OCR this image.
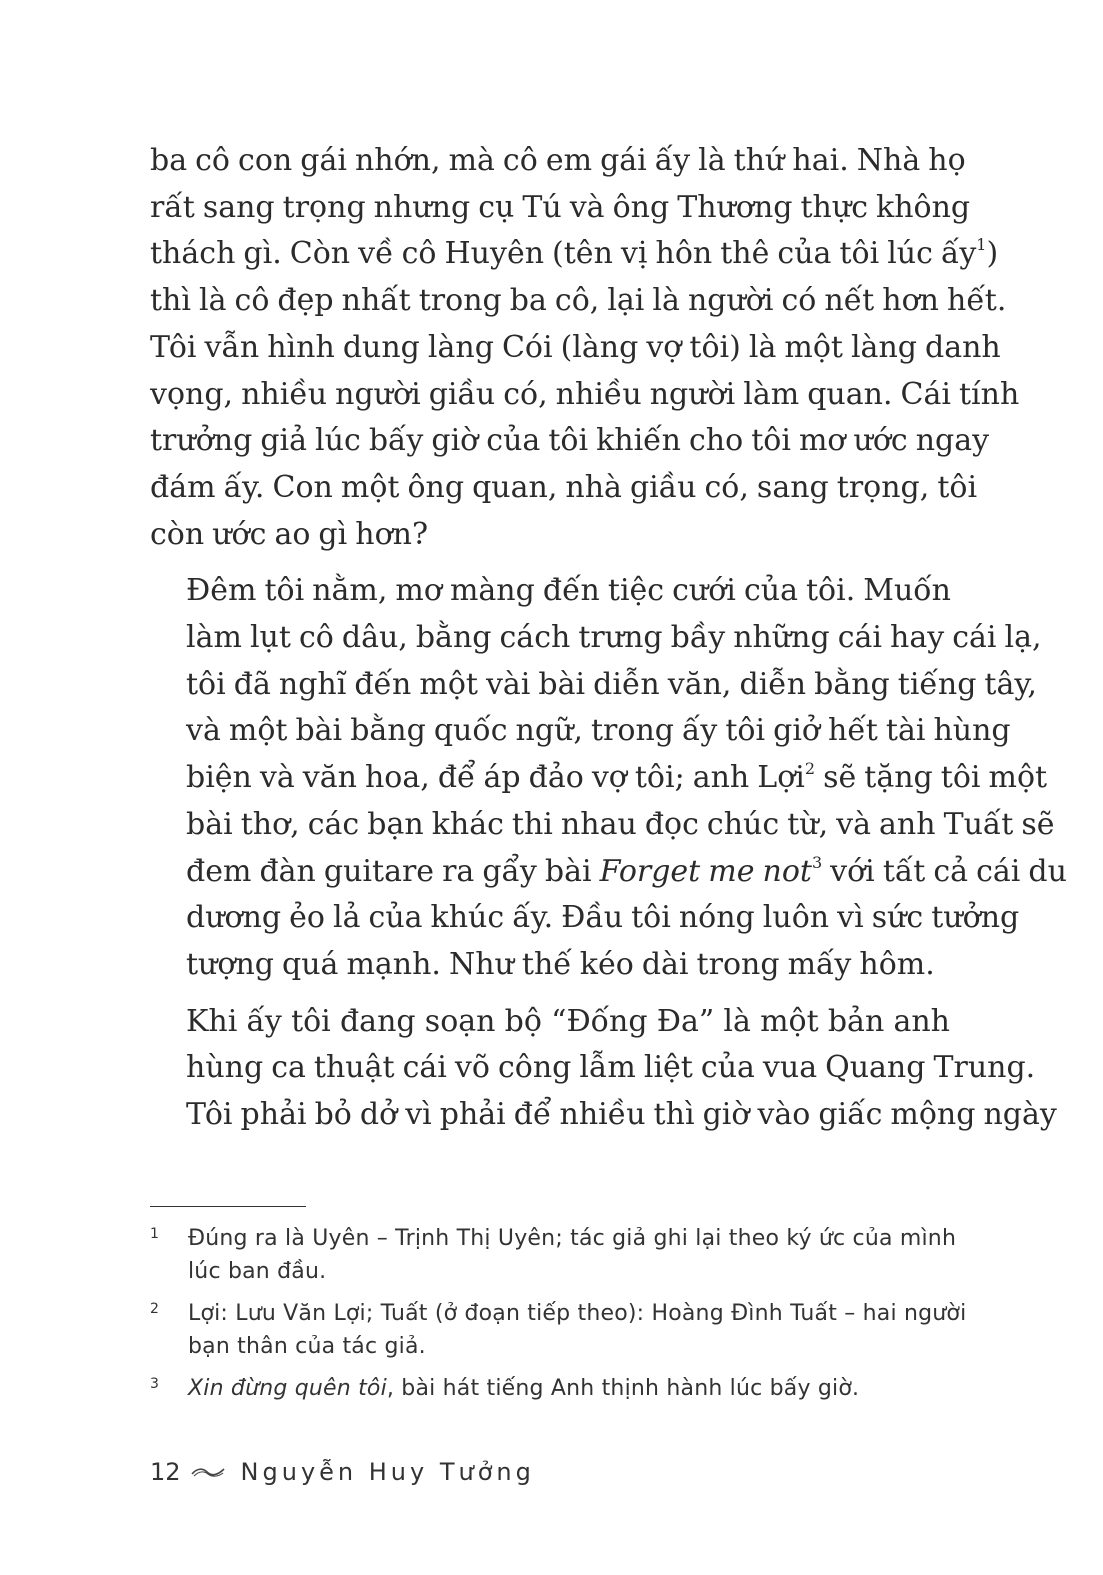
ba cô con gái nhớn, mà cô em gái ấy là thứ hai. Nhà họ
rất sang trọng nhưng cụ Tú và ông Thương thực không
thách gì. Còn về cô Huyên (tên vị hôn thê của tôi lúc ấy$^1$)
thì là cô đẹp nhất trong ba cô, lại là người có nết hơn hết.
Tôi vẫn hình dung làng Cói (làng vợ tôi) là một làng danh
vọng, nhiều người giầu có, nhiều người làm quan. Cái tính
trưởng giả lúc bấy giờ của tôi khiến cho tôi mơ ước ngay
đám ấy. Con một ông quan, nhà giầu có, sang trọng, tôi
còn ước ao gì hơn?

Đêm tôi nằm, mơ màng đến tiệc cưới của tôi. Muốn
làm lụt cô dâu, bằng cách trưng bầy những cái hay cái lạ,
tôi đã nghĩ đến một vài bài diễn văn, diễn bằng tiếng tây,
và một bài bằng quốc ngữ, trong ấy tôi giở hết tài hùng
biện và văn hoa, để áp đảo vợ tôi; anh Lợi$^2$ sẽ tặng tôi một
bài thơ, các bạn khác thi nhau đọc chúc từ, và anh Tuất sẽ
đem đàn guitare ra gẩy bài Forget me not$^3$ với tất cả cái du
dương ẻo lả của khúc ấy. Đầu tôi nóng luôn vì sức tưởng
tượng quá mạnh. Như thế kéo dài trong mấy hôm.

Khi ấy tôi đang soạn bộ “Đống Đa” là một bản anh
hùng ca thuật cái võ công lẫm liệt của vua Quang Trung.
Tôi phải bỏ dở vì phải để nhiều thì giờ vào giấc mộng ngày

1 Đúng ra là Uyên – Trịnh Thị Uyên; tác giả ghi lại theo ký ức của mình
lúc ban đầu.
2 Lợi: Lưu Văn Lợi; Tuất (ở đoạn tiếp theo): Hoàng Đình Tuất – hai người
bạn thân của tác giả.
3 Xin đừng quên tôi, bài hát tiếng Anh thịnh hành lúc bấy giờ.
12	Nguyễn Huy Tưởng
